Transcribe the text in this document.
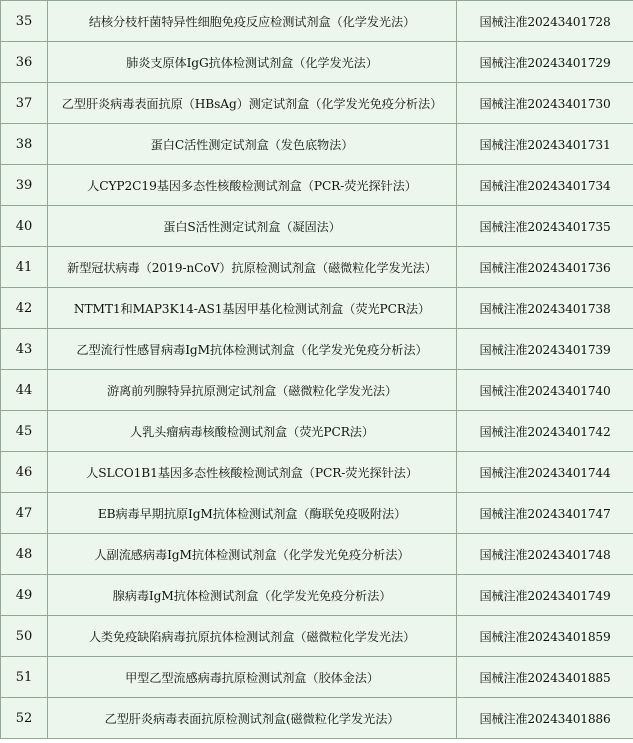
35	结核分枝杆菌特异性细胞免疫反应检测试剂盒（化学发光法）	国械注准20243401728
36	肺炎支原体IgG抗体检测试剂盒（化学发光法）	国械注准20243401729
37	乙型肝炎病毒表面抗原（HBsAg）测定试剂盒（化学发光免疫分析法）	国械注准20243401730
38	蛋白C活性测定试剂盒（发色底物法）	国械注准20243401731
39	人CYP2C19基因多态性核酸检测试剂盒（PCR-荧光探针法）	国械注准20243401734
40	蛋白S活性测定试剂盒（凝固法）	国械注准20243401735
41	新型冠状病毒（2019-nCoV）抗原检测试剂盒（磁微粒化学发光法）	国械注准20243401736
42	NTMT1和MAP3K14-AS1基因甲基化检测试剂盒（荧光PCR法）	国械注准20243401738
43	乙型流行性感冒病毒IgM抗体检测试剂盒（化学发光免疫分析法）	国械注准20243401739
44	游离前列腺特异抗原测定试剂盒（磁微粒化学发光法）	国械注准20243401740
45	人乳头瘤病毒核酸检测试剂盒（荧光PCR法）	国械注准20243401742
46	人SLCO1B1基因多态性核酸检测试剂盒（PCR-荧光探针法）	国械注准20243401744
47	EB病毒早期抗原IgM抗体检测试剂盒（酶联免疫吸附法）	国械注准20243401747
48	人副流感病毒IgM抗体检测试剂盒（化学发光免疫分析法）	国械注准20243401748
49	腺病毒IgM抗体检测试剂盒（化学发光免疫分析法）	国械注准20243401749
50	人类免疫缺陷病毒抗原抗体检测试剂盒（磁微粒化学发光法）	国械注准20243401859
51	甲型乙型流感病毒抗原检测试剂盒（胶体金法）	国械注准20243401885
52	乙型肝炎病毒表面抗原检测试剂盒(磁微粒化学发光法）	国械注准20243401886
